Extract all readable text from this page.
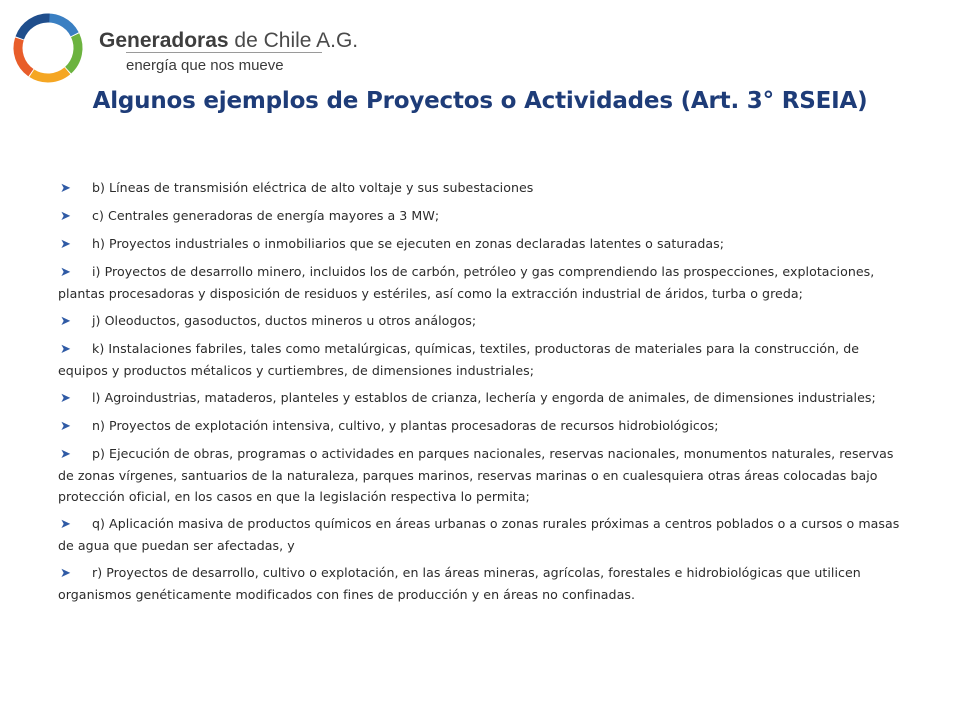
Generadoras de Chile A.G.
energía que nos mueve
Algunos ejemplos de Proyectos o Actividades (Art. 3° RSEIA)
➤ b) Líneas de transmisión eléctrica de alto voltaje y sus subestaciones
➤ c) Centrales generadoras de energía mayores a 3 MW;
➤ h) Proyectos industriales o inmobiliarios que se ejecuten en zonas declaradas latentes o saturadas;
➤ i) Proyectos de desarrollo minero, incluidos los de carbón, petróleo y gas comprendiendo las prospecciones, explotaciones, plantas procesadoras y disposición de residuos y estériles, así como la extracción industrial de áridos, turba o greda;
➤ j) Oleoductos, gasoductos, ductos mineros u otros análogos;
➤ k) Instalaciones fabriles, tales como metalúrgicas, químicas, textiles, productoras de materiales para la construcción, de equipos y productos métalicos y curtiembres, de dimensiones industriales;
➤ l) Agroindustrias, mataderos, planteles y establos de crianza, lechería y engorda de animales, de dimensiones industriales;
➤ n) Proyectos de explotación intensiva, cultivo, y plantas procesadoras de recursos hidrobiológicos;
➤ p) Ejecución de obras, programas o actividades en parques nacionales, reservas nacionales, monumentos naturales, reservas de zonas vírgenes, santuarios de la naturaleza, parques marinos, reservas marinas o en cualesquiera otras áreas colocadas bajo protección oficial, en los casos en que la legislación respectiva lo permita;
➤ q) Aplicación masiva de productos químicos en áreas urbanas o zonas rurales próximas a centros poblados o a cursos o masas de agua que puedan ser afectadas, y
➤ r) Proyectos de desarrollo, cultivo o explotación, en las áreas mineras, agrícolas, forestales e hidrobiológicas que utilicen organismos genéticamente modificados con fines de producción y en áreas no confinadas.
